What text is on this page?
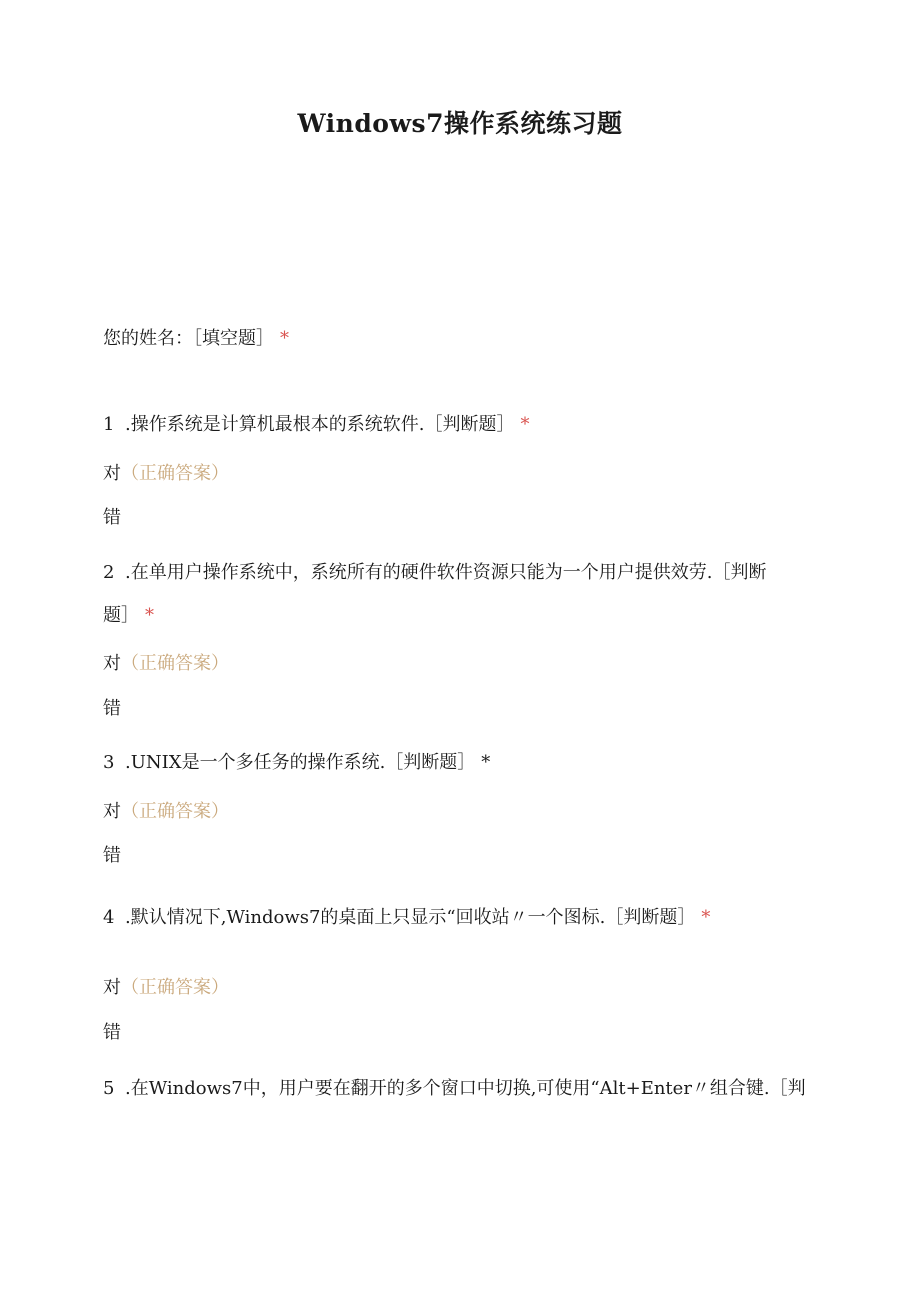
Windows7操作系统练习题
您的姓名：［填空题］ *
1 .操作系统是计算机最根本的系统软件.［判断题］ *
对（正确答案）
错
2 .在单用户操作系统中，系统所有的硬件软件资源只能为一个用户提供效劳.［判断
题］ *
对（正确答案）
错
3 .UNIX是一个多任务的操作系统.［判断题］ *
对（正确答案）
错
4 .默认情况下,Windows7的桌面上只显示“回收站〃一个图标.［判断题］ *
对（正确答案）
错
5 .在Windows7中，用户要在翻开的多个窗口中切换,可使用“Alt+Enter〃组合键.［判
